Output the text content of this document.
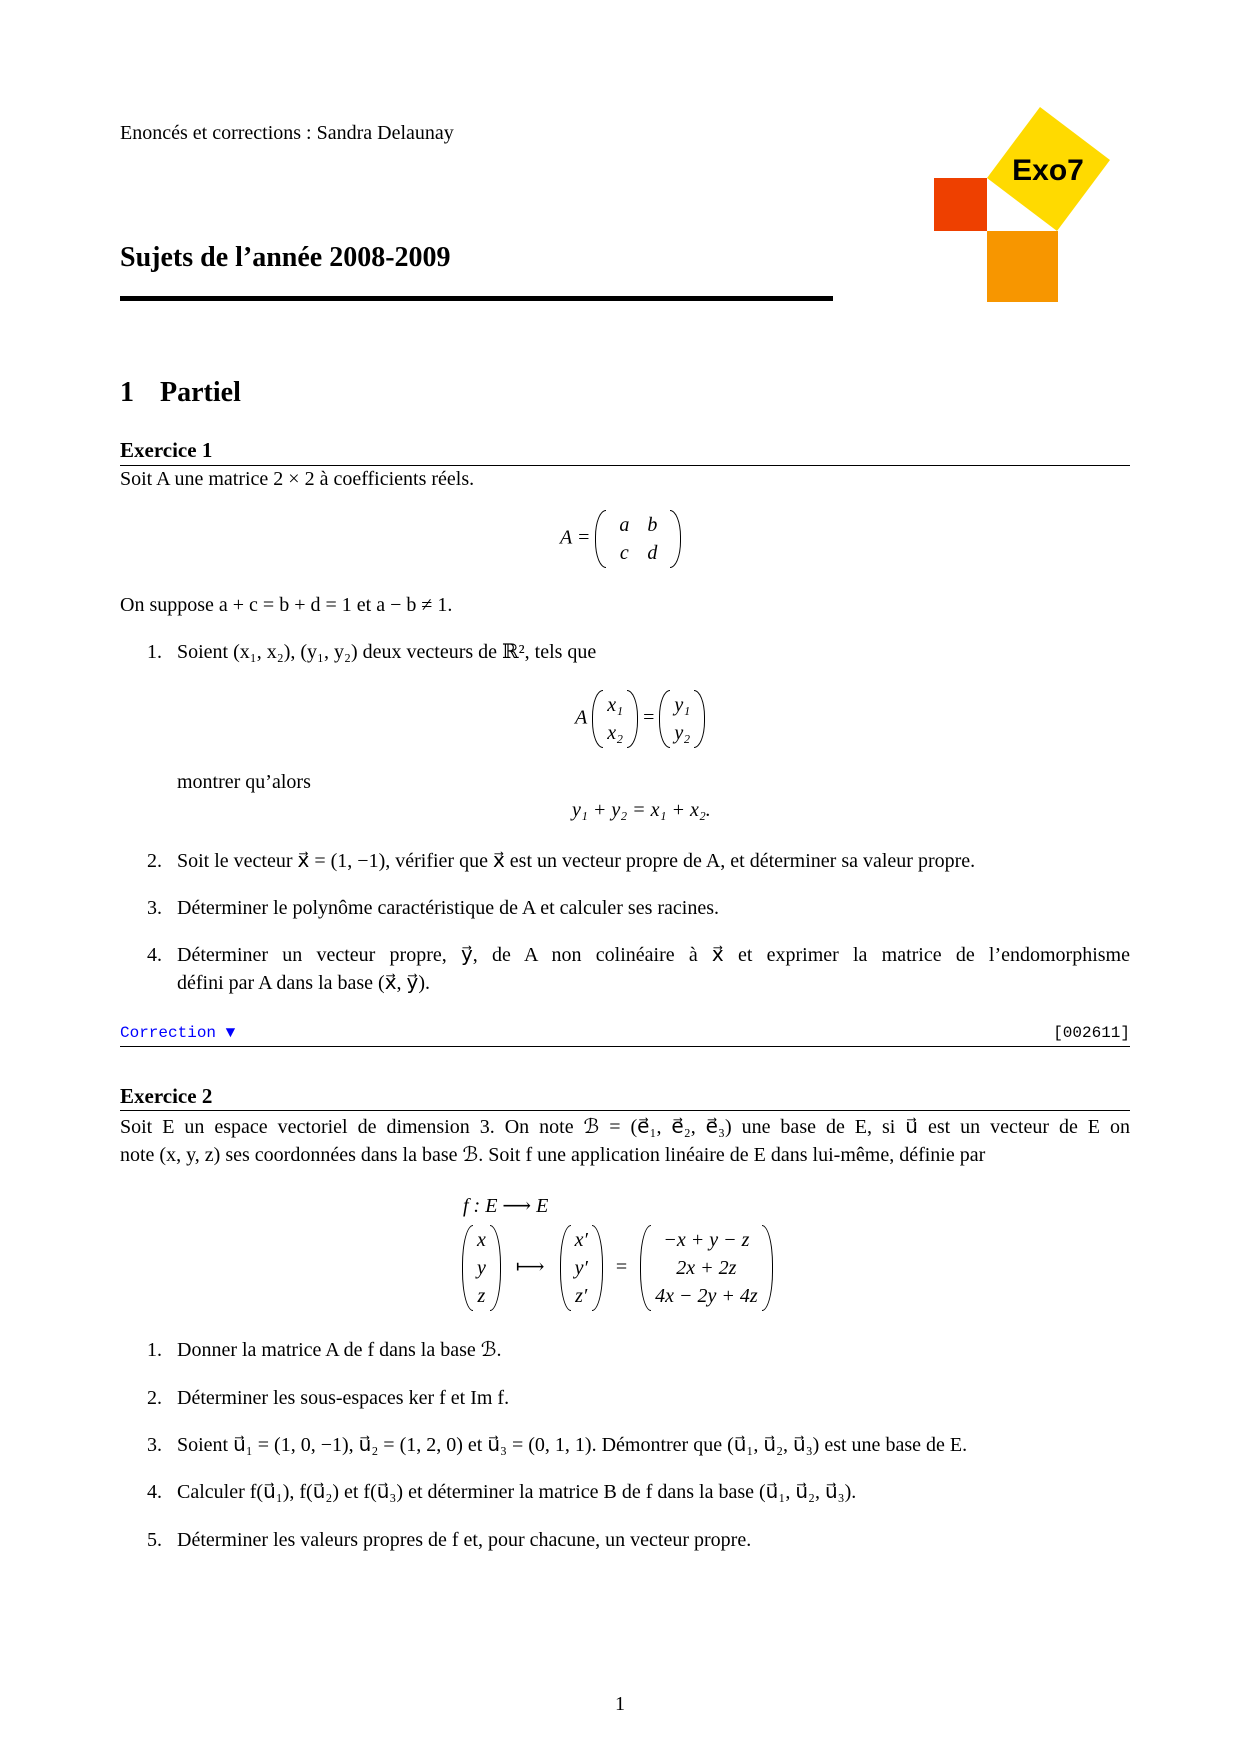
Enoncés et corrections : Sandra Delaunay
Exo7
Sujets de l’année 2008-2009
1 Partiel
Exercice 1
Soit A une matrice 2 × 2 à coefficients réels.
A =
a b
c d
On suppose a + c = b + d = 1 et a − b ≠ 1.
1. Soient (x₁, x₂), (y₁, y₂) deux vecteurs de ℝ², tels que
A
x₁
x₂
=
y₁
y₂
montrer qu’alors
y₁ + y₂ = x₁ + x₂.
2. Soit le vecteur x⃗ = (1, −1), vérifier que x⃗ est un vecteur propre de A, et déterminer sa valeur propre.
3. Déterminer le polynôme caractéristique de A et calculer ses racines.
4. Déterminer un vecteur propre, y⃗, de A non colinéaire à x⃗ et exprimer la matrice de l’endomorphisme
défini par A dans la base (x⃗, y⃗).
Correction ▼	[002611]
Exercice 2
Soit E un espace vectoriel de dimension 3. On note ℬ = (e⃗₁, e⃗₂, e⃗₃) une base de E, si u⃗ est un vecteur de E on
note (x, y, z) ses coordonnées dans la base ℬ. Soit f une application linéaire de E dans lui-même, définie par
f : E ⟶ E
x
y
z
⟼
x′
y′
z′
=
−x + y − z
2x + 2z
4x − 2y + 4z
1. Donner la matrice A de f dans la base ℬ.
2. Déterminer les sous-espaces ker f et Im f.
3. Soient u⃗₁ = (1, 0, −1), u⃗₂ = (1, 2, 0) et u⃗₃ = (0, 1, 1). Démontrer que (u⃗₁, u⃗₂, u⃗₃) est une base de E.
4. Calculer f(u⃗₁), f(u⃗₂) et f(u⃗₃) et déterminer la matrice B de f dans la base (u⃗₁, u⃗₂, u⃗₃).
5. Déterminer les valeurs propres de f et, pour chacune, un vecteur propre.
1
